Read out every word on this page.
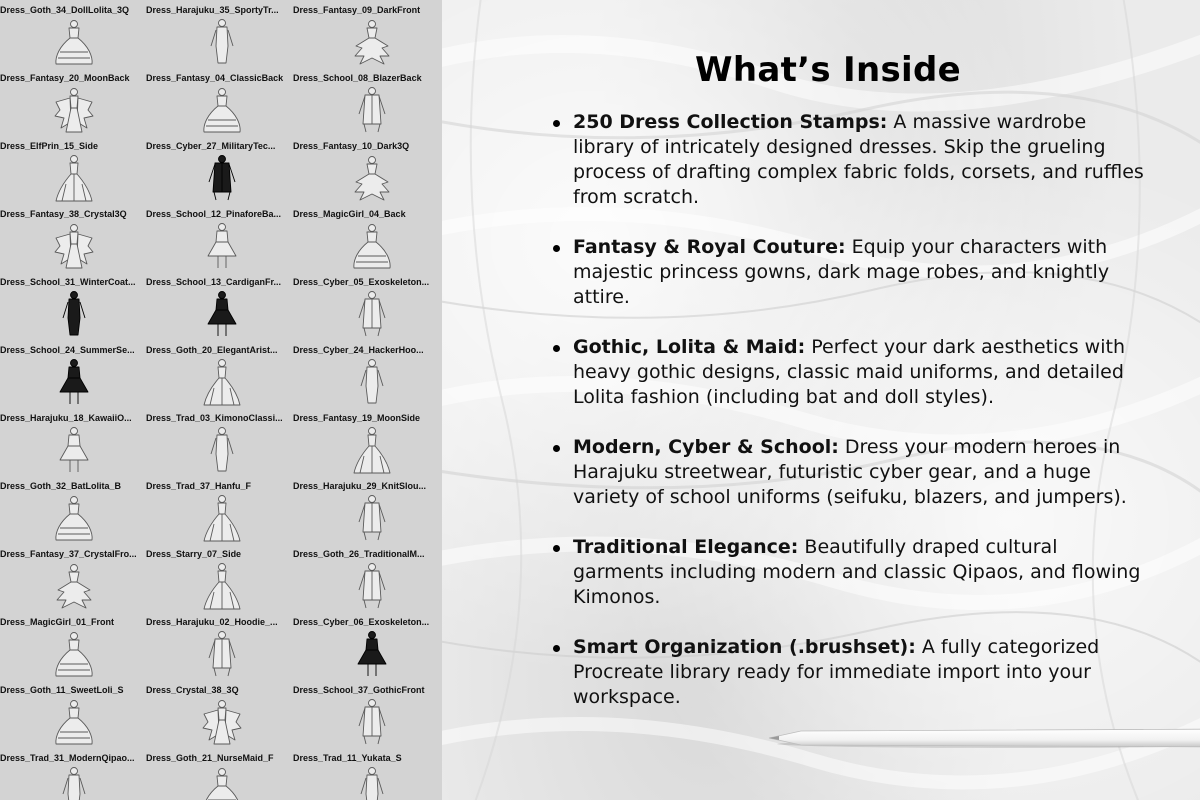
Dress_Goth_34_DollLolita_3Q	Dress_Harajuku_35_SportyTr...	Dress_Fantasy_09_DarkFront
Dress_Fantasy_20_MoonBack	Dress_Fantasy_04_ClassicBack	Dress_School_08_BlazerBack
Dress_ElfPrin_15_Side	Dress_Cyber_27_MilitaryTec...	Dress_Fantasy_10_Dark3Q
Dress_Fantasy_38_Crystal3Q	Dress_School_12_PinaforeBa...	Dress_MagicGirl_04_Back
Dress_School_31_WinterCoat...	Dress_School_13_CardiganFr...	Dress_Cyber_05_Exoskeleton...
Dress_School_24_SummerSe...	Dress_Goth_20_ElegantArist...	Dress_Cyber_24_HackerHoo...
Dress_Harajuku_18_KawaiiO...	Dress_Trad_03_KimonoClassi...	Dress_Fantasy_19_MoonSide
Dress_Goth_32_BatLolita_B	Dress_Trad_37_Hanfu_F	Dress_Harajuku_29_KnitSlou...
Dress_Fantasy_37_CrystalFro...	Dress_Starry_07_Side	Dress_Goth_26_TraditionalM...
Dress_MagicGirl_01_Front	Dress_Harajuku_02_Hoodie_...	Dress_Cyber_06_Exoskeleton...
Dress_Goth_11_SweetLoli_S	Dress_Crystal_38_3Q	Dress_School_37_GothicFront
Dress_Trad_31_ModernQipao...	Dress_Goth_21_NurseMaid_F	Dress_Trad_11_Yukata_S
What’s Inside
250 Dress Collection Stamps: A massive wardrobe library of intricately designed dresses. Skip the grueling process of drafting complex fabric folds, corsets, and ruffles from scratch.
Fantasy & Royal Couture: Equip your characters with majestic princess gowns, dark mage robes, and knightly attire.
Gothic, Lolita & Maid: Perfect your dark aesthetics with heavy gothic designs, classic maid uniforms, and detailed Lolita fashion (including bat and doll styles).
Modern, Cyber & School: Dress your modern heroes in Harajuku streetwear, futuristic cyber gear, and a huge variety of school uniforms (seifuku, blazers, and jumpers).
Traditional Elegance: Beautifully draped cultural garments including modern and classic Qipaos, and flowing Kimonos.
Smart Organization (.brushset): A fully categorized Procreate library ready for immediate import into your workspace.
